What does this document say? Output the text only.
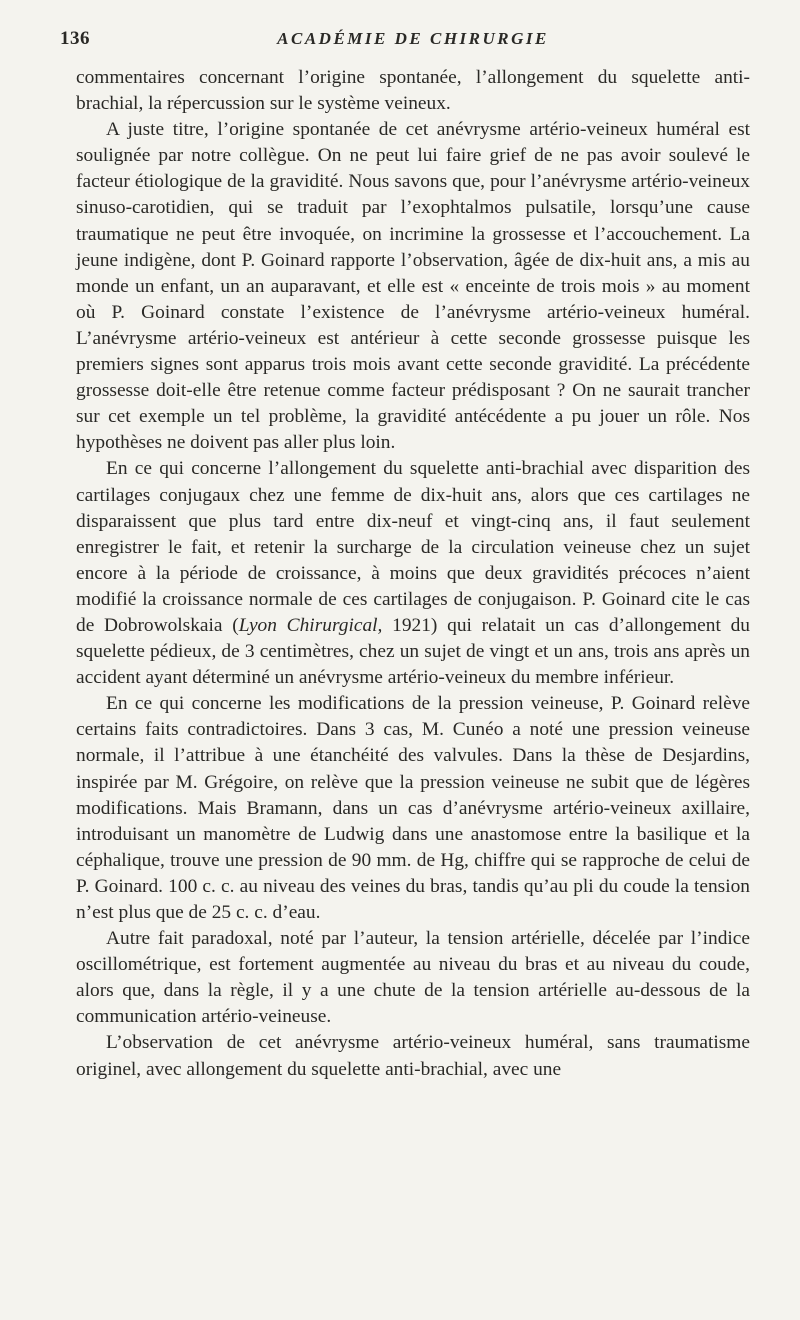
136	ACADÉMIE DE CHIRURGIE

commentaires concernant l’origine spontanée, l’allongement du squelette anti-brachial, la répercussion sur le système veineux.

A juste titre, l’origine spontanée de cet anévrysme artério-veineux huméral est soulignée par notre collègue. On ne peut lui faire grief de ne pas avoir soulevé le facteur étiologique de la gravidité. Nous savons que, pour l’anévrysme artério-veineux sinuso-carotidien, qui se traduit par l’exophtalmos pulsatile, lorsqu’une cause traumatique ne peut être invoquée, on incrimine la grossesse et l’accouchement. La jeune indigène, dont P. Goinard rapporte l’observation, âgée de dix-huit ans, a mis au monde un enfant, un an auparavant, et elle est « enceinte de trois mois » au moment où P. Goinard constate l’existence de l’anévrysme artério-veineux huméral. L’anévrysme artério-veineux est antérieur à cette seconde grossesse puisque les premiers signes sont apparus trois mois avant cette seconde gravidité. La précédente grossesse doit-elle être retenue comme facteur prédisposant ? On ne saurait trancher sur cet exemple un tel problème, la gravidité antécédente a pu jouer un rôle. Nos hypothèses ne doivent pas aller plus loin.

En ce qui concerne l’allongement du squelette anti-brachial avec disparition des cartilages conjugaux chez une femme de dix-huit ans, alors que ces cartilages ne disparaissent que plus tard entre dix-neuf et vingt-cinq ans, il faut seulement enregistrer le fait, et retenir la surcharge de la circulation veineuse chez un sujet encore à la période de croissance, à moins que deux gravidités précoces n’aient modifié la croissance normale de ces cartilages de conjugaison. P. Goinard cite le cas de Dobrowolskaia (Lyon Chirurgical, 1921) qui relatait un cas d’allongement du squelette pédieux, de 3 centimètres, chez un sujet de vingt et un ans, trois ans après un accident ayant déterminé un anévrysme artério-veineux du membre inférieur.

En ce qui concerne les modifications de la pression veineuse, P. Goinard relève certains faits contradictoires. Dans 3 cas, M. Cunéo a noté une pression veineuse normale, il l’attribue à une étanchéité des valvules. Dans la thèse de Desjardins, inspirée par M. Grégoire, on relève que la pression veineuse ne subit que de légères modifications. Mais Bramann, dans un cas d’anévrysme artério-veineux axillaire, introduisant un manomètre de Ludwig dans une anastomose entre la basilique et la céphalique, trouve une pression de 90 mm. de Hg, chiffre qui se rapproche de celui de P. Goinard. 100 c. c. au niveau des veines du bras, tandis qu’au pli du coude la tension n’est plus que de 25 c. c. d’eau.

Autre fait paradoxal, noté par l’auteur, la tension artérielle, décelée par l’indice oscillométrique, est fortement augmentée au niveau du bras et au niveau du coude, alors que, dans la règle, il y a une chute de la tension artérielle au-dessous de la communication artério-veineuse.

L’observation de cet anévrysme artério-veineux huméral, sans traumatisme originel, avec allongement du squelette anti-brachial, avec une
